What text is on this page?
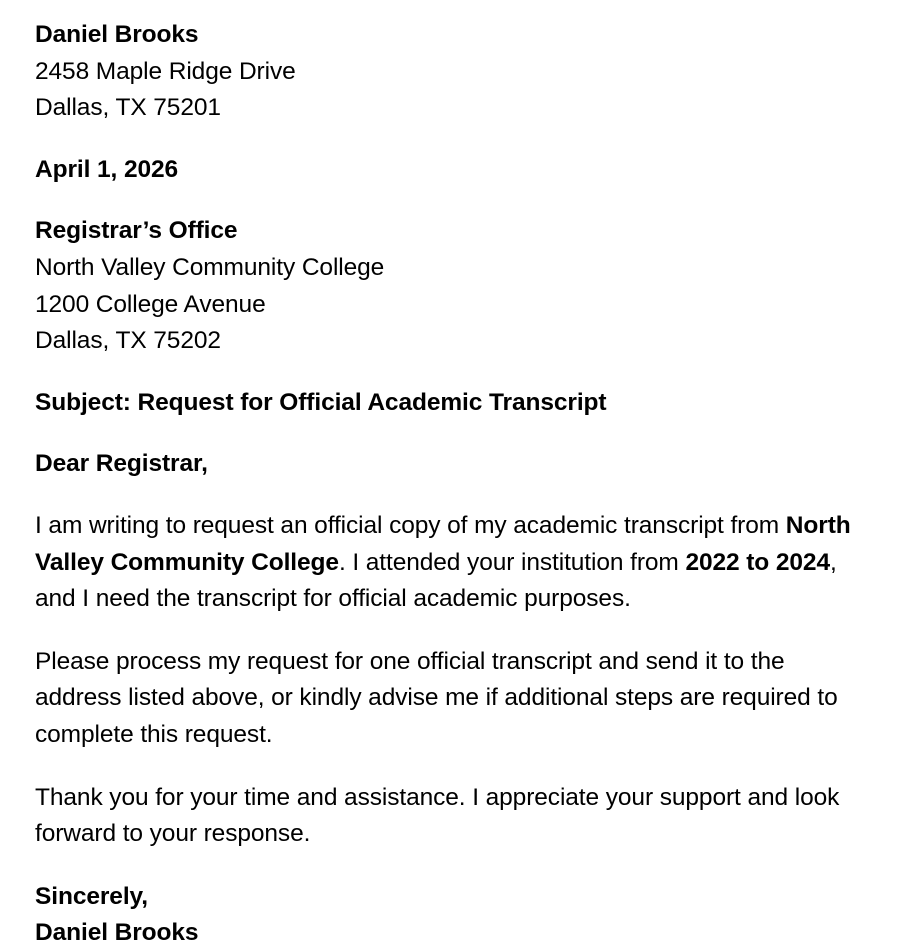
Daniel Brooks
2458 Maple Ridge Drive
Dallas, TX 75201
April 1, 2026
Registrar’s Office
North Valley Community College
1200 College Avenue
Dallas, TX 75202
Subject: Request for Official Academic Transcript
Dear Registrar,

I am writing to request an official copy of my academic transcript from North Valley Community College. I attended your institution from 2022 to 2024, and I need the transcript for official academic purposes.

Please process my request for one official transcript and send it to the address listed above, or kindly advise me if additional steps are required to complete this request.

Thank you for your time and assistance. I appreciate your support and look forward to your response.

Sincerely,
Daniel Brooks
